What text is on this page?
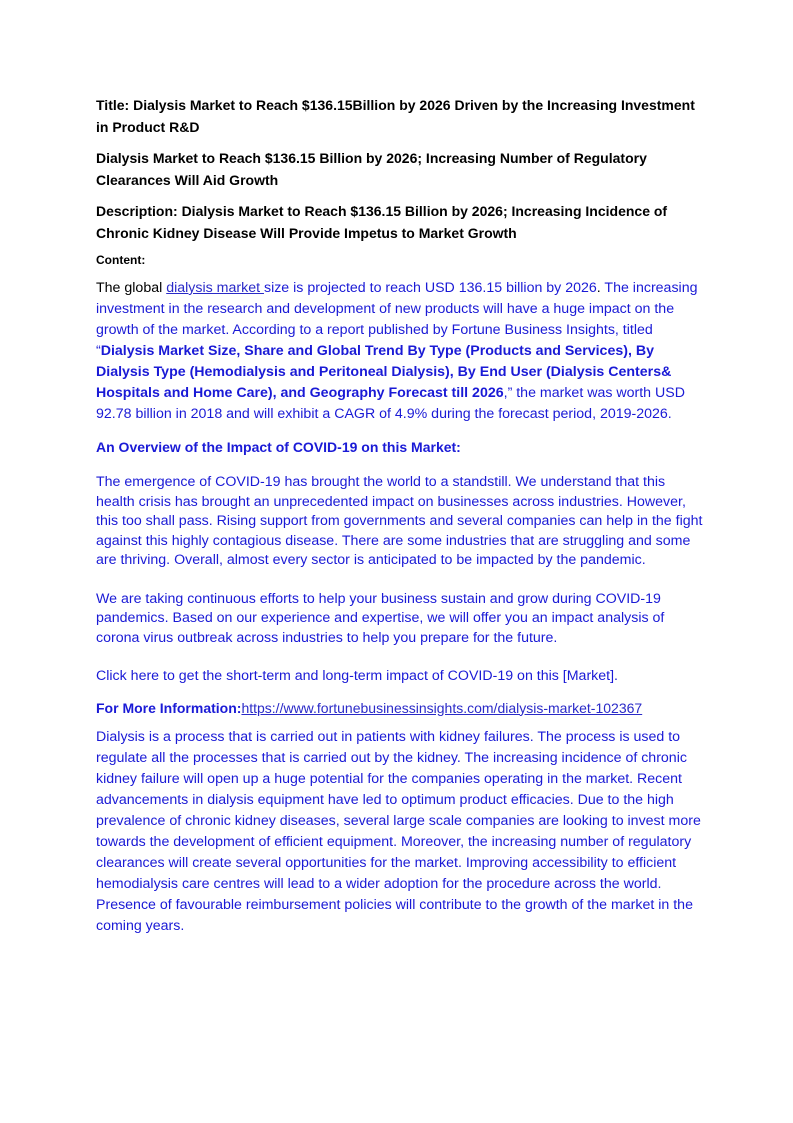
Title: Dialysis Market to Reach $136.15Billion by 2026 Driven by the Increasing Investment in Product R&D

Dialysis Market to Reach $136.15 Billion by 2026; Increasing Number of Regulatory Clearances Will Aid Growth

Description: Dialysis Market to Reach $136.15 Billion by 2026; Increasing Incidence of Chronic Kidney Disease Will Provide Impetus to Market Growth

Content:

The global dialysis market size is projected to reach USD 136.15 billion by 2026. The increasing investment in the research and development of new products will have a huge impact on the growth of the market. According to a report published by Fortune Business Insights, titled “Dialysis Market Size, Share and Global Trend By Type (Products and Services), By Dialysis Type (Hemodialysis and Peritoneal Dialysis), By End User (Dialysis Centers& Hospitals and Home Care), and Geography Forecast till 2026,” the market was worth USD 92.78 billion in 2018 and will exhibit a CAGR of 4.9% during the forecast period, 2019-2026.

An Overview of the Impact of COVID-19 on this Market:

The emergence of COVID-19 has brought the world to a standstill. We understand that this health crisis has brought an unprecedented impact on businesses across industries. However, this too shall pass. Rising support from governments and several companies can help in the fight against this highly contagious disease. There are some industries that are struggling and some are thriving. Overall, almost every sector is anticipated to be impacted by the pandemic.

We are taking continuous efforts to help your business sustain and grow during COVID-19 pandemics. Based on our experience and expertise, we will offer you an impact analysis of corona virus outbreak across industries to help you prepare for the future.

Click here to get the short-term and long-term impact of COVID-19 on this [Market].

For More Information:https://www.fortunebusinessinsights.com/dialysis-market-102367

Dialysis is a process that is carried out in patients with kidney failures. The process is used to regulate all the processes that is carried out by the kidney. The increasing incidence of chronic kidney failure will open up a huge potential for the companies operating in the market. Recent advancements in dialysis equipment have led to optimum product efficacies. Due to the high prevalence of chronic kidney diseases, several large scale companies are looking to invest more towards the development of efficient equipment. Moreover, the increasing number of regulatory clearances will create several opportunities for the market. Improving accessibility to efficient hemodialysis care centres will lead to a wider adoption for the procedure across the world. Presence of favourable reimbursement policies will contribute to the growth of the market in the coming years.
